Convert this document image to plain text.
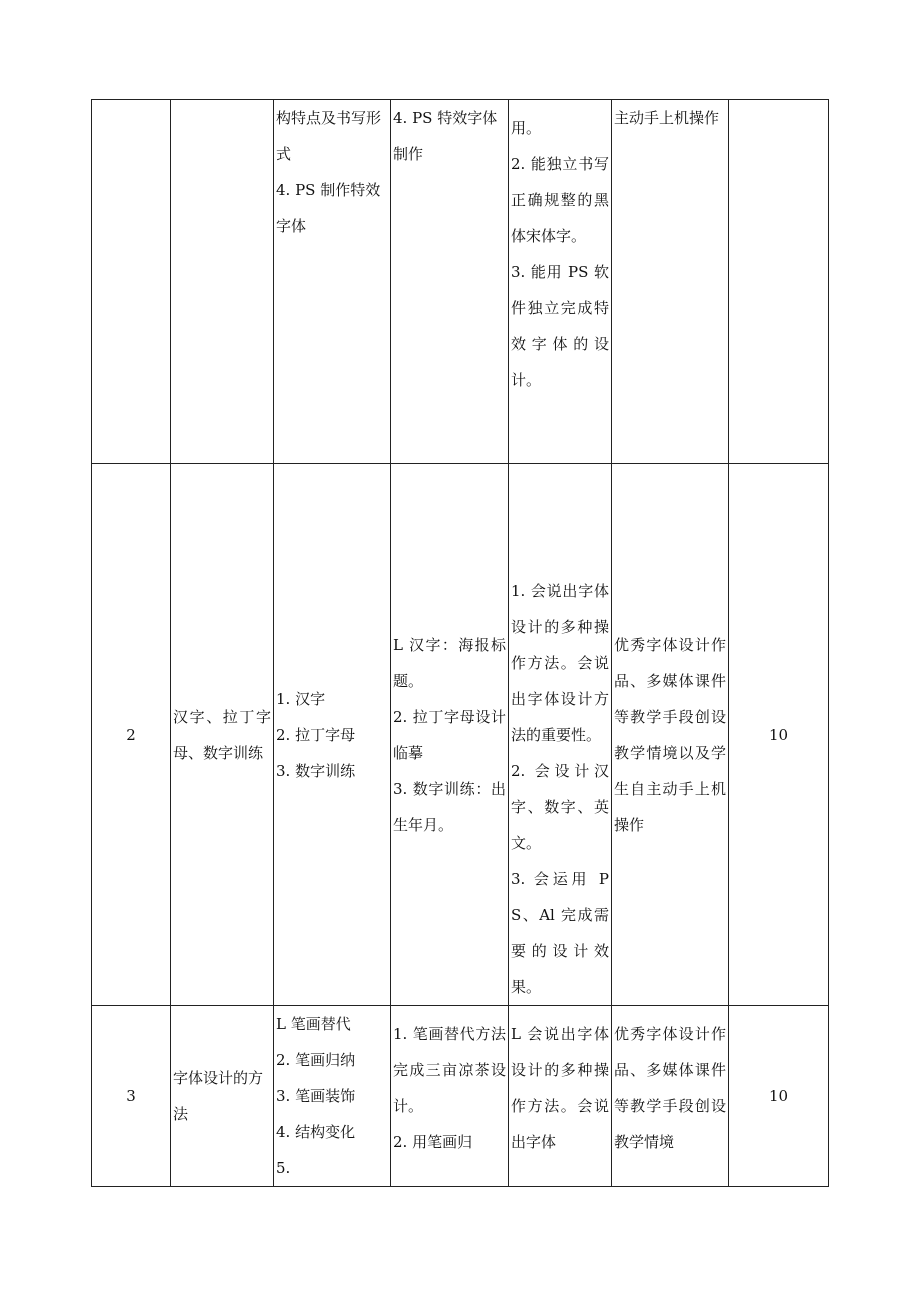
		构特点及书写形式
4. PS 制作特效字体	4. PS 特效字体制作	用。
2. 能独立书写正确规整的黑体宋体字。
3. 能用 PS 软件独立完成特效字体的设计。	主动手上机操作	

2	汉字、拉丁字母、数字训练	1. 汉字
2. 拉丁字母
3. 数字训练	L 汉字：海报标题。
2. 拉丁字母设计临摹
3. 数字训练：出生年月。	1. 会说出字体设计的多种操作方法。会说出字体设计方法的重要性。
2. 会设计汉字、数字、英文。
3. 会运用 PS、Al 完成需要的设计效果。	优秀字体设计作品、多媒体课件等教学手段创设教学情境以及学生自主动手上机操作	10
3	字体设计的方法	L 笔画替代
2. 笔画归纳
3. 笔画装饰
4. 结构变化
5.	1. 笔画替代方法完成三亩凉茶设计。
2. 用笔画归	L 会说出字体设计的多种操作方法。会说出字体	优秀字体设计作品、多媒体课件等教学手段创设教学情境	10
